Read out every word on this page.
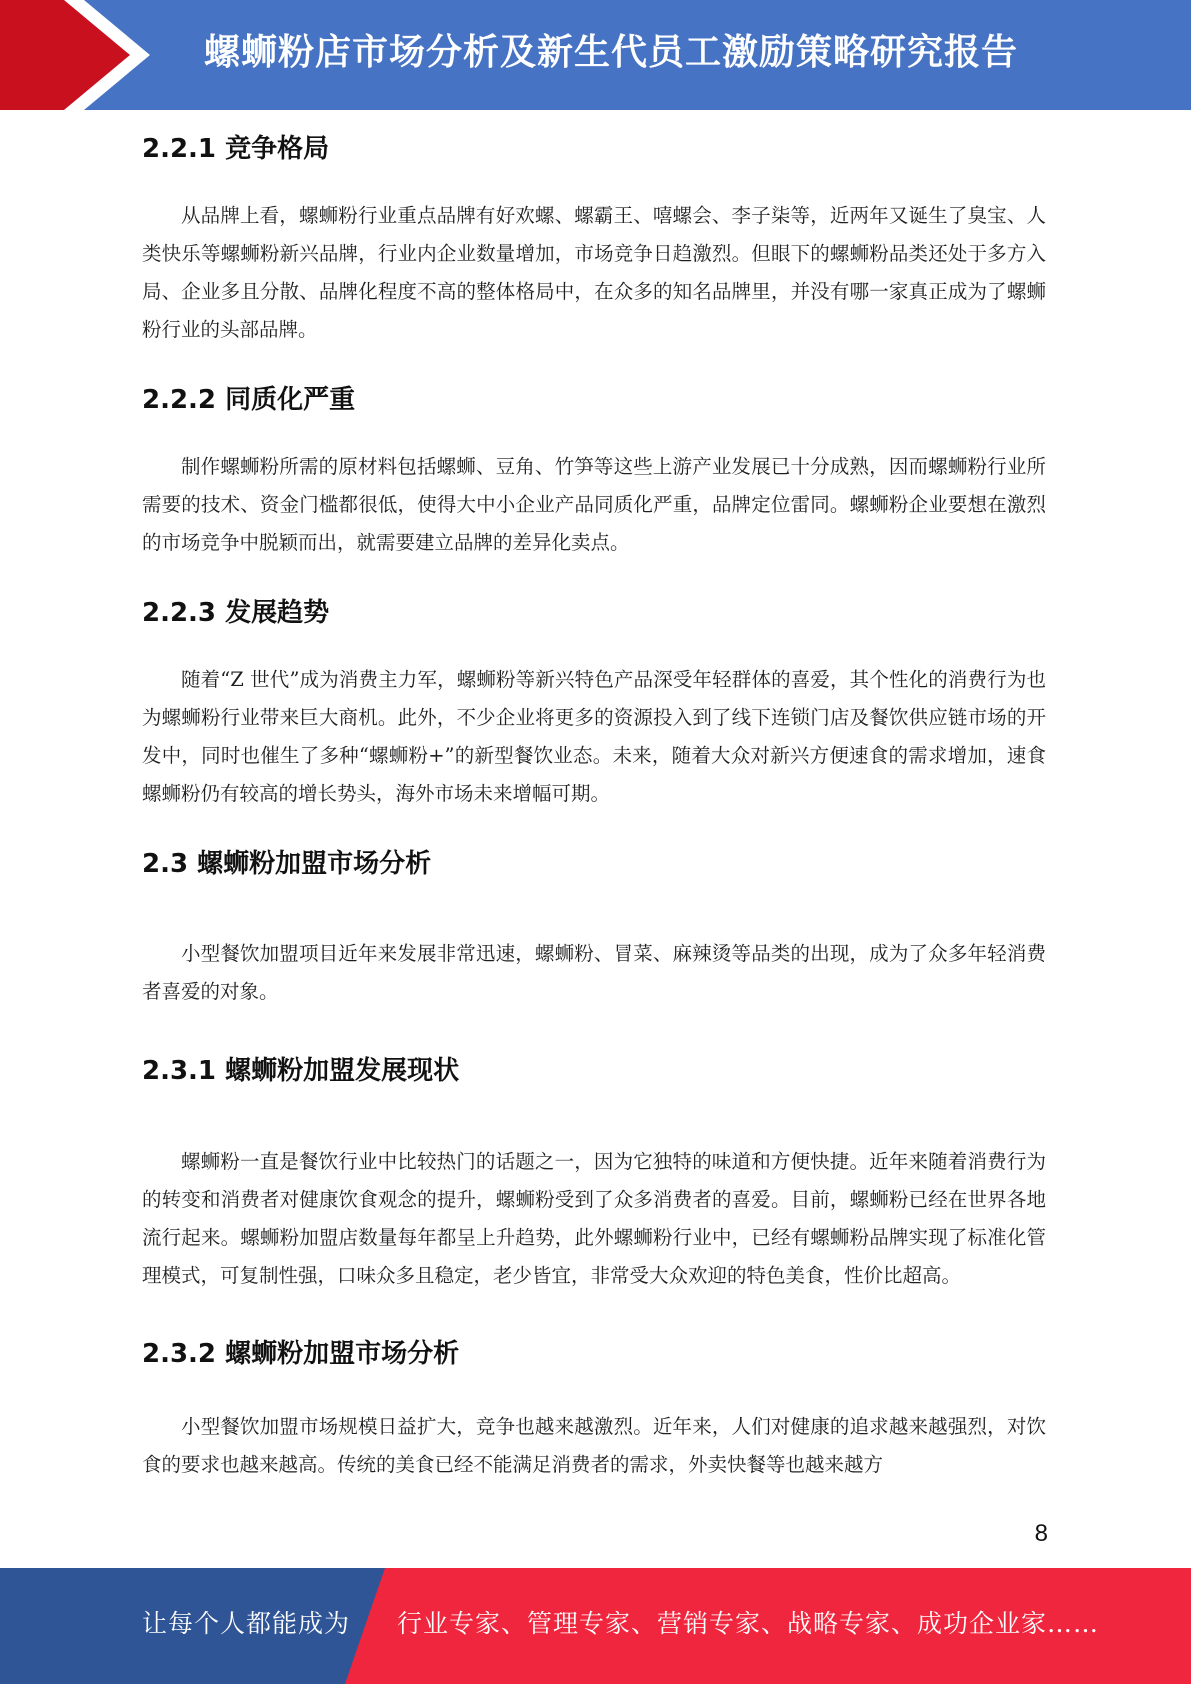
螺蛳粉店市场分析及新生代员工激励策略研究报告
2.2.1 竞争格局

从品牌上看，螺蛳粉行业重点品牌有好欢螺、螺霸王、嘻螺会、李子柒等，近两年又诞生了臭宝、人类快乐等螺蛳粉新兴品牌，行业内企业数量增加，市场竞争日趋激烈。但眼下的螺蛳粉品类还处于多方入局、企业多且分散、品牌化程度不高的整体格局中，在众多的知名品牌里，并没有哪一家真正成为了螺蛳粉行业的头部品牌。

2.2.2 同质化严重

制作螺蛳粉所需的原材料包括螺蛳、豆角、竹笋等这些上游产业发展已十分成熟，因而螺蛳粉行业所需要的技术、资金门槛都很低，使得大中小企业产品同质化严重，品牌定位雷同。螺蛳粉企业要想在激烈的市场竞争中脱颖而出，就需要建立品牌的差异化卖点。

2.2.3 发展趋势

随着“Z 世代”成为消费主力军，螺蛳粉等新兴特色产品深受年轻群体的喜爱，其个性化的消费行为也为螺蛳粉行业带来巨大商机。此外，不少企业将更多的资源投入到了线下连锁门店及餐饮供应链市场的开发中，同时也催生了多种“螺蛳粉+”的新型餐饮业态。未来，随着大众对新兴方便速食的需求增加，速食螺蛳粉仍有较高的增长势头，海外市场未来增幅可期。

2.3 螺蛳粉加盟市场分析

小型餐饮加盟项目近年来发展非常迅速，螺蛳粉、冒菜、麻辣烫等品类的出现，成为了众多年轻消费者喜爱的对象。

2.3.1 螺蛳粉加盟发展现状

螺蛳粉一直是餐饮行业中比较热门的话题之一，因为它独特的味道和方便快捷。近年来随着消费行为的转变和消费者对健康饮食观念的提升，螺蛳粉受到了众多消费者的喜爱。目前，螺蛳粉已经在世界各地流行起来。螺蛳粉加盟店数量每年都呈上升趋势，此外螺蛳粉行业中，已经有螺蛳粉品牌实现了标准化管理模式，可复制性强，口味众多且稳定，老少皆宜，非常受大众欢迎的特色美食，性价比超高。

2.3.2 螺蛳粉加盟市场分析

小型餐饮加盟市场规模日益扩大，竞争也越来越激烈。近年来，人们对健康的追求越来越强烈，对饮食的要求也越来越高。传统的美食已经不能满足消费者的需求，外卖快餐等也越来越方

8
让每个人都能成为 行业专家、管理专家、营销专家、战略专家、成功企业家……
